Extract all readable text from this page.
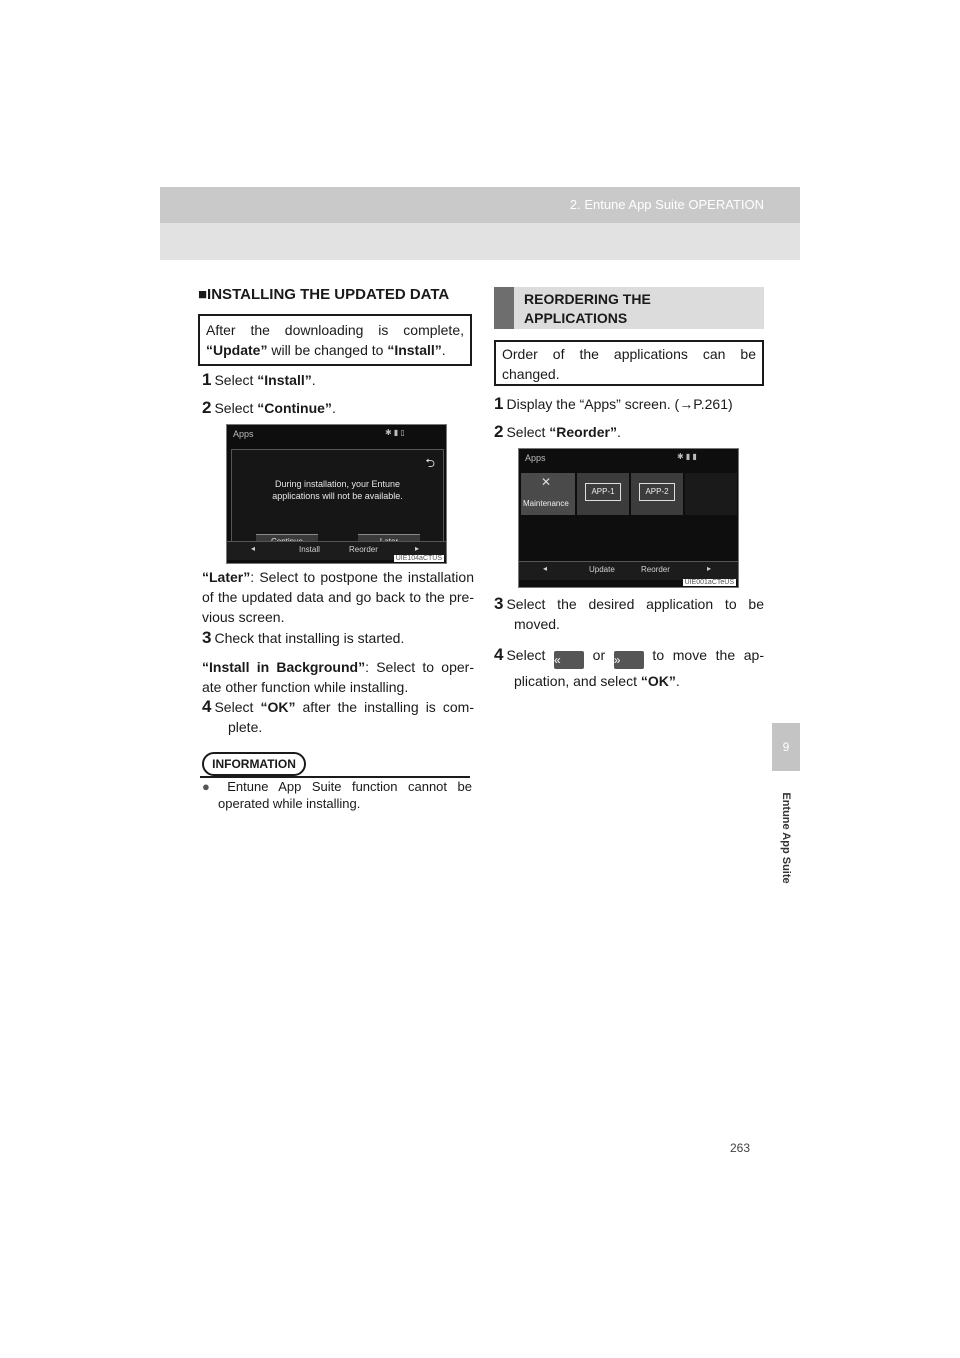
2. Entune App Suite OPERATION
9
Entune App Suite
■INSTALLING THE UPDATED DATA
After the downloading is complete,
“Update” will be changed to “Install”.
1 Select “Install”.
2 Select “Continue”.
Apps	✱ ▮ ▯
⮌
During installation, your Entune
applications will not be available.
◂	Install	Reorder	▸
UIE104aCTUS
“Later”: Select to postpone the installation
of the updated data and go back to the pre-
vious screen.
3 Check that installing is started.
“Install in Background”: Select to oper-
ate other function while installing.
4 Select “OK” after the installing is com-
plete.
INFORMATION
● Entune App Suite function cannot be
operated while installing.
REORDERING THE
APPLICATIONS
Order of the applications can be
changed.
1 Display the “Apps” screen. (→P.261)
2 Select “Reorder”.
Apps	✱ ▮ ▮
✕
Maintenance
APP-1	APP-2
◂	Update	Reorder	▸
UIE001aCTeUS
3 Select the desired application to be
moved.
4 Select « or » to move the ap-
plication, and select “OK”.
263
